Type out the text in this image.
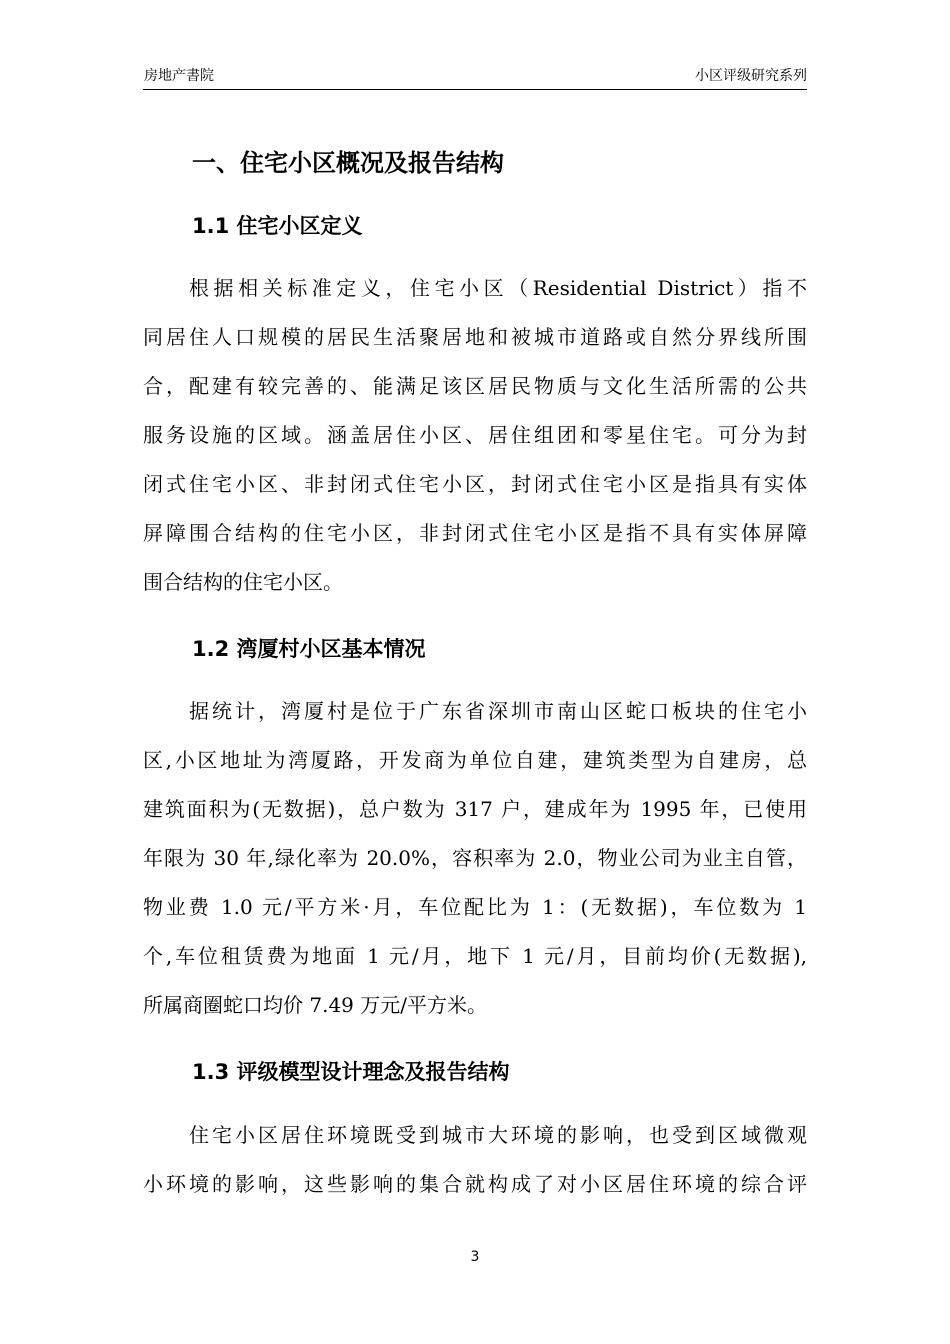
房地产書院	小区评级研究系列
一、住宅小区概况及报告结构
1.1 住宅小区定义
根据相关标准定义，住宅小区（Residential District）指不
同居住人口规模的居民生活聚居地和被城市道路或自然分界线所围
合，配建有较完善的、能满足该区居民物质与文化生活所需的公共
服务设施的区域。涵盖居住小区、居住组团和零星住宅。可分为封
闭式住宅小区、非封闭式住宅小区，封闭式住宅小区是指具有实体
屏障围合结构的住宅小区，非封闭式住宅小区是指不具有实体屏障
围合结构的住宅小区。
1.2 湾厦村小区基本情况
据统计，湾厦村是位于广东省深圳市南山区蛇口板块的住宅小
区,小区地址为湾厦路，开发商为单位自建，建筑类型为自建房，总
建筑面积为(无数据)，总户数为 317 户，建成年为 1995 年，已使用
年限为 30 年,绿化率为 20.0%，容积率为 2.0，物业公司为业主自管，
物业费 1.0 元/平方米·月，车位配比为 1：(无数据)，车位数为 1
个,车位租赁费为地面 1 元/月，地下 1 元/月，目前均价(无数据),
所属商圈蛇口均价 7.49 万元/平方米。
1.3 评级模型设计理念及报告结构
住宅小区居住环境既受到城市大环境的影响，也受到区域微观
小环境的影响，这些影响的集合就构成了对小区居住环境的综合评
3
